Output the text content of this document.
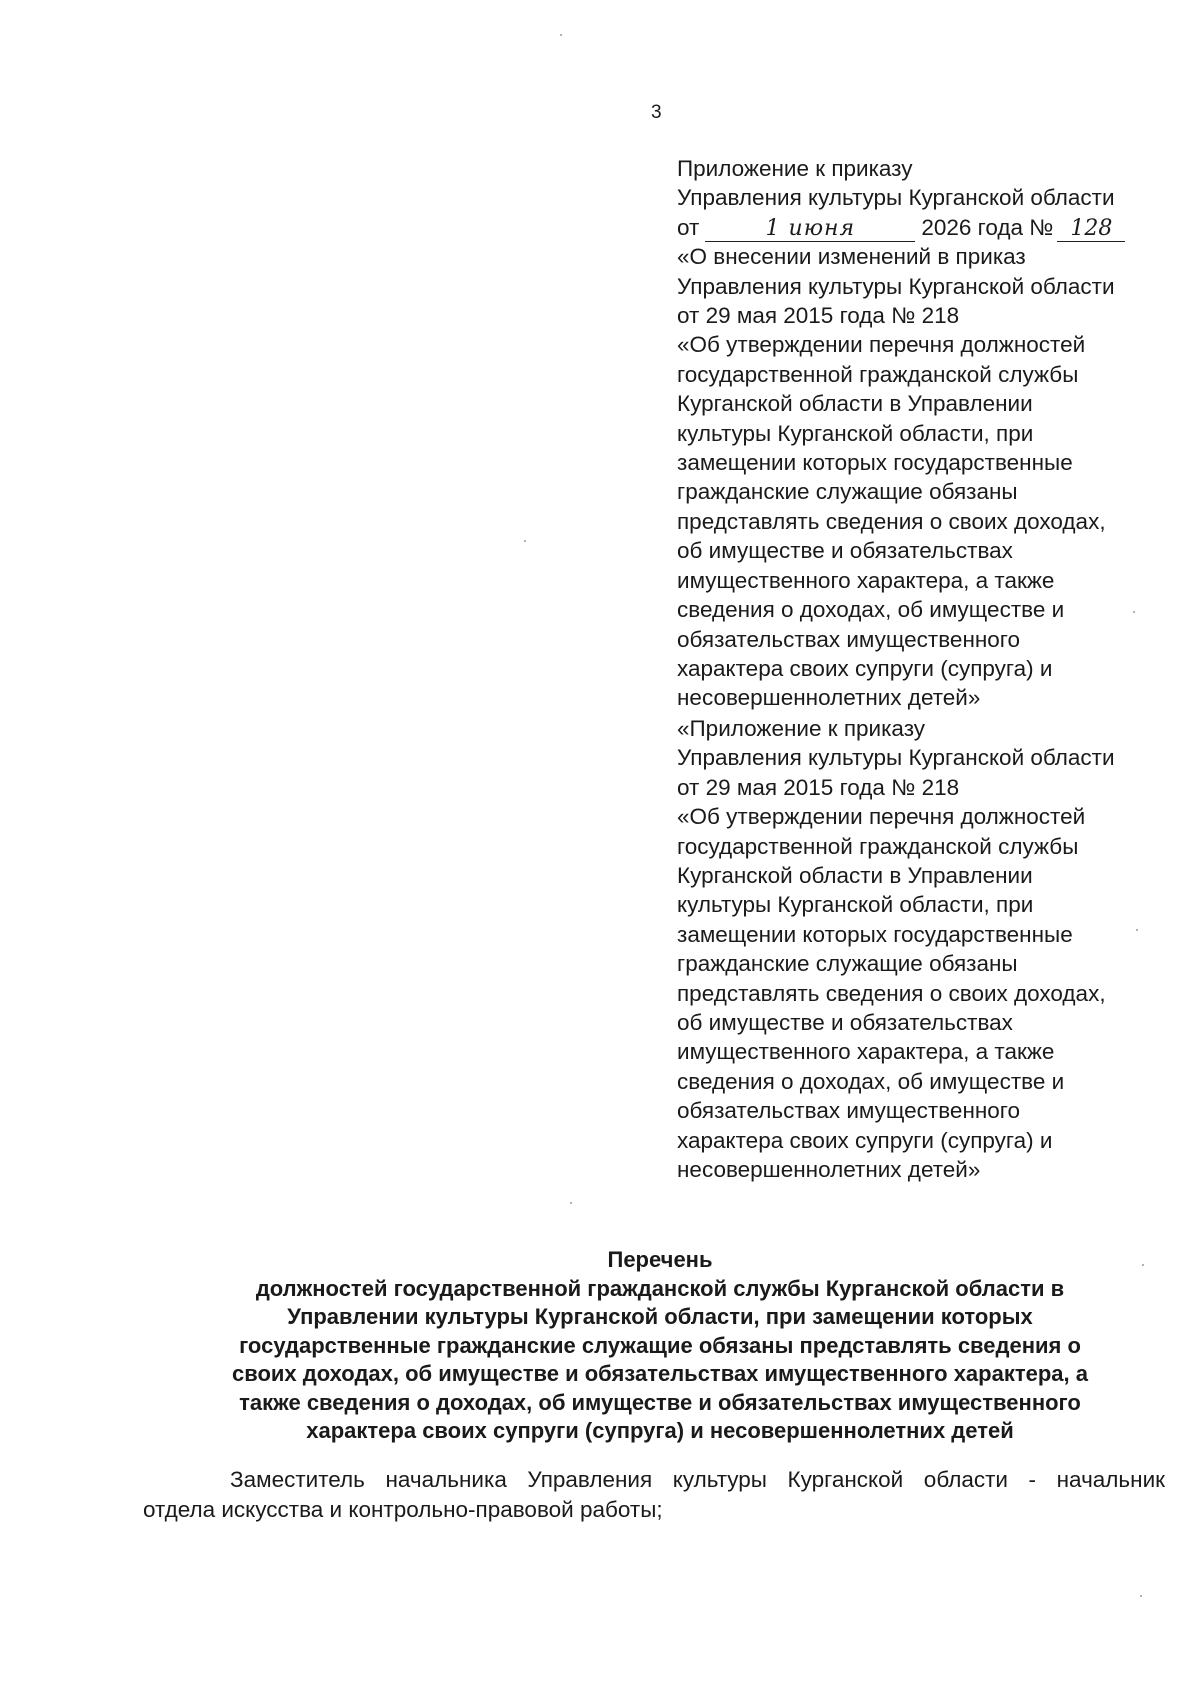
3
Приложение к приказу
Управления культуры Курганской области
от	1 июня	2026 года № 128
«О внесении изменений в приказ
Управления культуры Курганской области
от 29 мая 2015 года № 218
«Об утверждении перечня должностей
государственной гражданской службы
Курганской области в Управлении
культуры Курганской области, при
замещении которых государственные
гражданские служащие обязаны
представлять сведения о своих доходах,
об имуществе и обязательствах
имущественного характера, а также
сведения о доходах, об имуществе и
обязательствах имущественного
характера своих супруги (супруга) и
несовершеннолетних детей»
«Приложение к приказу
Управления культуры Курганской области
от 29 мая 2015 года № 218
«Об утверждении перечня должностей
государственной гражданской службы
Курганской области в Управлении
культуры Курганской области, при
замещении которых государственные
гражданские служащие обязаны
представлять сведения о своих доходах,
об имуществе и обязательствах
имущественного характера, а также
сведения о доходах, об имуществе и
обязательствах имущественного
характера своих супруги (супруга) и
несовершеннолетних детей»
Перечень
должностей государственной гражданской службы Курганской области в
Управлении культуры Курганской области, при замещении которых
государственные гражданские служащие обязаны представлять сведения о
своих доходах, об имуществе и обязательствах имущественного характера, а
также сведения о доходах, об имуществе и обязательствах имущественного
характера своих супруги (супруга) и несовершеннолетних детей
Заместитель начальника Управления культуры Курганской области - начальник
отдела искусства и контрольно-правовой работы;
